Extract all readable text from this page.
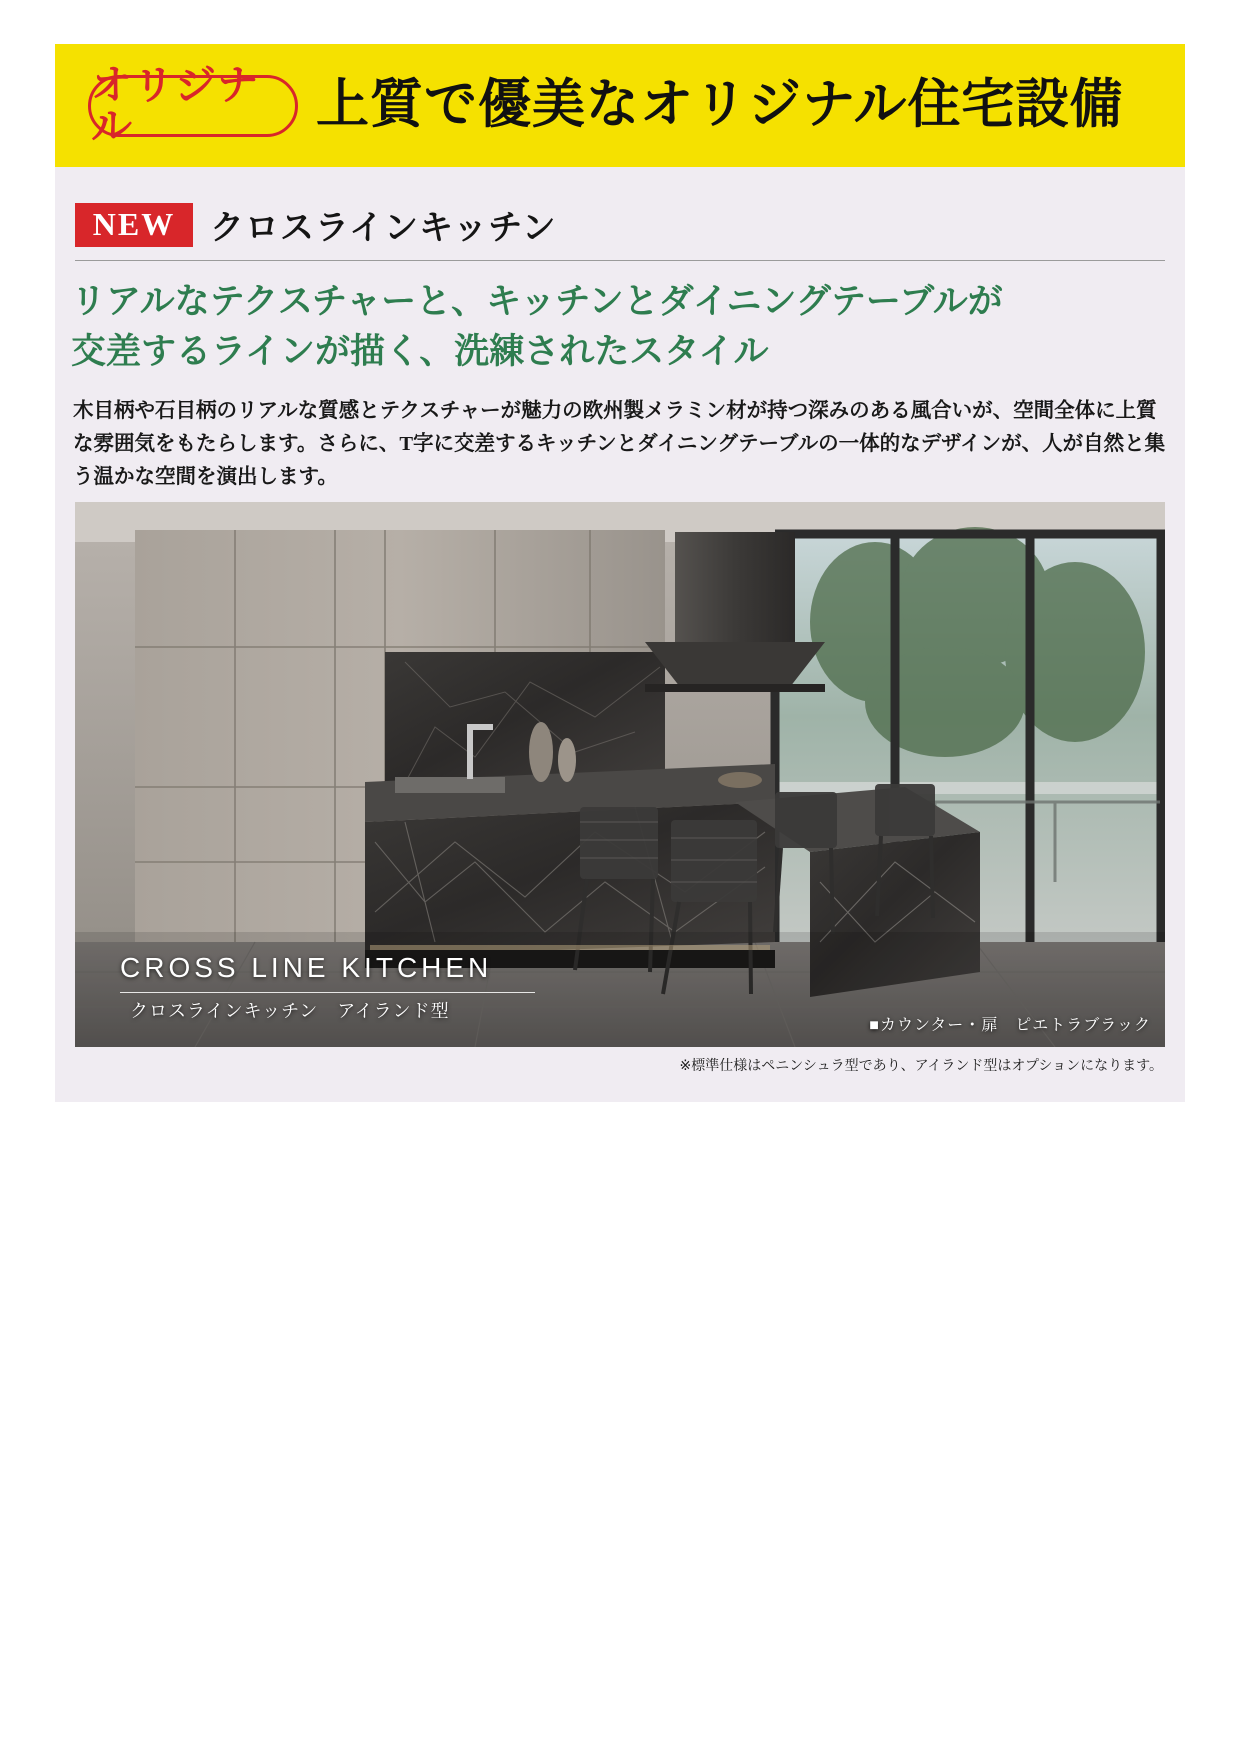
オリジナル	上質で優美なオリジナル住宅設備
NEW	クロスラインキッチン
リアルなテクスチャーと、キッチンとダイニングテーブルが
交差するラインが描く、洗練されたスタイル
木目柄や石目柄のリアルな質感とテクスチャーが魅力の欧州製メラミン材が持つ深みのある風合いが、空間全体に上質な雰囲気をもたらします。さらに、T字に交差するキッチンとダイニングテーブルの一体的なデザインが、人が自然と集う温かな空間を演出します。
CROSS LINE KITCHEN
クロスラインキッチン　アイランド型
■カウンター・扉　ピエトラブラック
※標準仕様はペニンシュラ型であり、アイランド型はオプションになります。
